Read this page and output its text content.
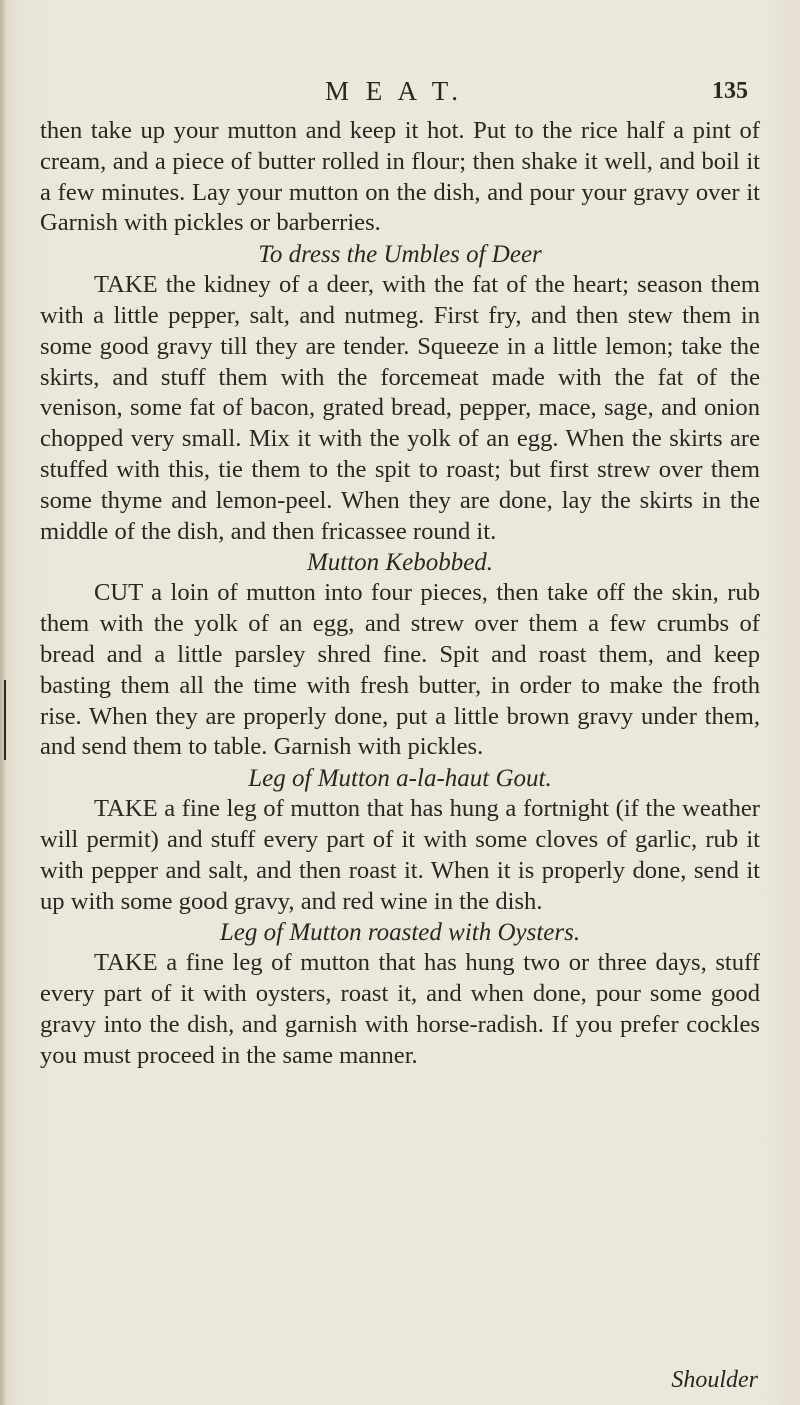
M E A T.	135

then take up your mutton and keep it hot. Put to the rice half a pint of cream, and a piece of butter rolled in flour; then shake it well, and boil it a few minutes. Lay your mutton on the dish, and pour your gravy over it Garnish with pickles or barberries.

To dress the Umbles of Deer

TAKE the kidney of a deer, with the fat of the heart; season them with a little pepper, salt, and nutmeg. First fry, and then stew them in some good gravy till they are tender. Squeeze in a little lemon; take the skirts, and stuff them with the forcemeat made with the fat of the venison, some fat of bacon, grated bread, pepper, mace, sage, and onion chopped very small. Mix it with the yolk of an egg. When the skirts are stuffed with this, tie them to the spit to roast; but first strew over them some thyme and lemon-peel. When they are done, lay the skirts in the middle of the dish, and then fricassee round it.

Mutton Kebobbed.

CUT a loin of mutton into four pieces, then take off the skin, rub them with the yolk of an egg, and strew over them a few crumbs of bread and a little parsley shred fine. Spit and roast them, and keep basting them all the time with fresh butter, in order to make the froth rise. When they are properly done, put a little brown gravy under them, and send them to table. Garnish with pickles.

Leg of Mutton a-la-haut Gout.

TAKE a fine leg of mutton that has hung a fortnight (if the weather will permit) and stuff every part of it with some cloves of garlic, rub it with pepper and salt, and then roast it. When it is properly done, send it up with some good gravy, and red wine in the dish.

Leg of Mutton roasted with Oysters.

TAKE a fine leg of mutton that has hung two or three days, stuff every part of it with oysters, roast it, and when done, pour some good gravy into the dish, and garnish with horse-radish. If you prefer cockles you must proceed in the same manner.

Shoulder
